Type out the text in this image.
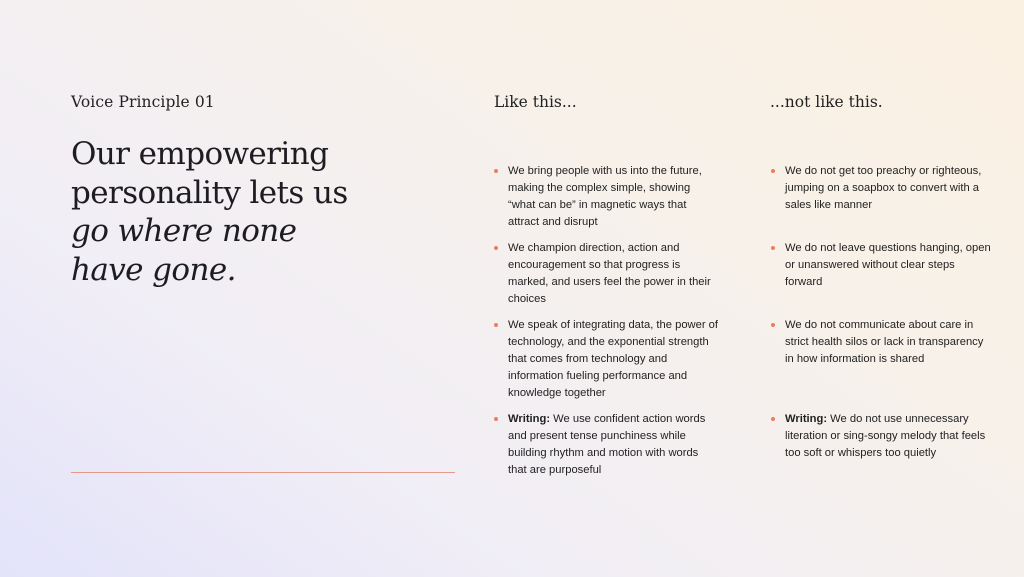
Voice Principle 01
Our empowering personality lets us go where none have gone.
Like this...	...not like this.
We bring people with us into the future, making the complex simple, showing “what can be” in magnetic ways that attract and disrupt
We champion direction, action and encouragement so that progress is marked, and users feel the power in their choices
We speak of integrating data, the power of technology, and the exponential strength that comes from technology and information fueling performance and knowledge together
Writing: We use confident action words and present tense punchiness while building rhythm and motion with words that are purposeful
We do not get too preachy or righteous, jumping on a soapbox to convert with a sales like manner
We do not leave questions hanging, open or unanswered without clear steps forward
We do not communicate about care in strict health silos or lack in transparency in how information is shared
Writing: We do not use unnecessary literation or sing-songy melody that feels too soft or whispers too quietly
